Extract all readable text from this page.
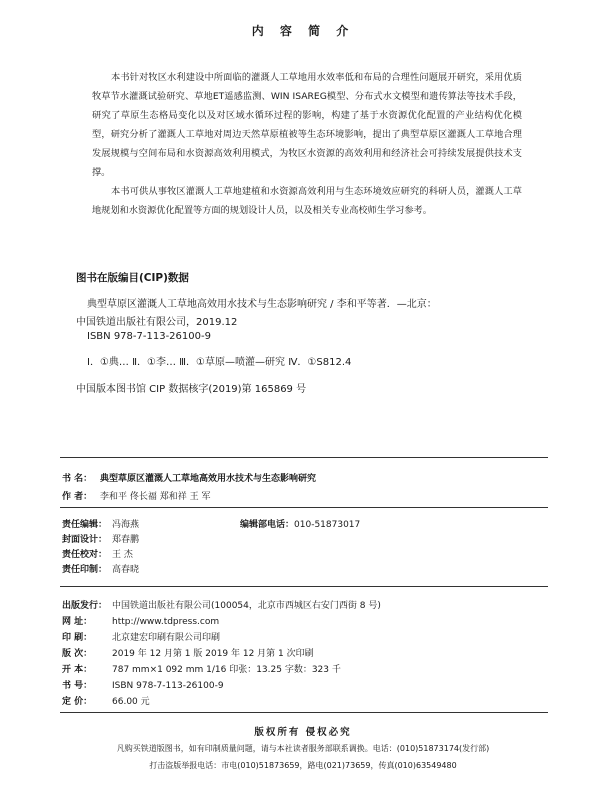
内 容 简 介

本书针对牧区水利建设中所面临的灌溉人工草地用水效率低和布局的合理性问题展开研究，采用优质牧草节水灌溉试验研究、草地ET遥感监测、WIN ISAREG模型、分布式水文模型和遗传算法等技术手段，研究了草原生态格局变化以及对区域水循环过程的影响，构建了基于水资源优化配置的产业结构优化模型，研究分析了灌溉人工草地对周边天然草原植被等生态环境影响，提出了典型草原区灌溉人工草地合理发展规模与空间布局和水资源高效利用模式，为牧区水资源的高效利用和经济社会可持续发展提供技术支撑。

本书可供从事牧区灌溉人工草地建植和水资源高效利用与生态环境效应研究的科研人员，灌溉人工草地规划和水资源优化配置等方面的规划设计人员，以及相关专业高校师生学习参考。

图书在版编目(CIP)数据
典型草原区灌溉人工草地高效用水技术与生态影响研究 / 李和平等著．—北京：
中国铁道出版社有限公司，2019.12
ISBN 978-7-113-26100-9
Ⅰ．①典… Ⅱ．①李… Ⅲ．①草原—喷灌—研究 Ⅳ．①S812.4
中国版本图书馆 CIP 数据核字(2019)第 165869 号
书 名： 典型草原区灌溉人工草地高效用水技术与生态影响研究
作 者： 李和平 佟长福 郑和祥 王 军
责任编辑： 冯海燕	编辑部电话：010-51873017
封面设计： 郑春鹏
责任校对： 王 杰
责任印制： 高春晓
出版发行： 中国铁道出版社有限公司(100054，北京市西城区右安门西街 8 号)
网 址： http://www.tdpress.com
印 刷： 北京建宏印刷有限公司印刷
版 次： 2019 年 12 月第 1 版 2019 年 12 月第 1 次印刷
开 本： 787 mm×1 092 mm 1/16 印张：13.25 字数：323 千
书 号： ISBN 978-7-113-26100-9
定 价： 66.00 元
版权所有 侵权必究
凡购买铁道版图书，如有印制质量问题，请与本社读者服务部联系调换。电话：(010)51873174(发行部)
打击盗版举报电话：市电(010)51873659，路电(021)73659，传真(010)63549480
